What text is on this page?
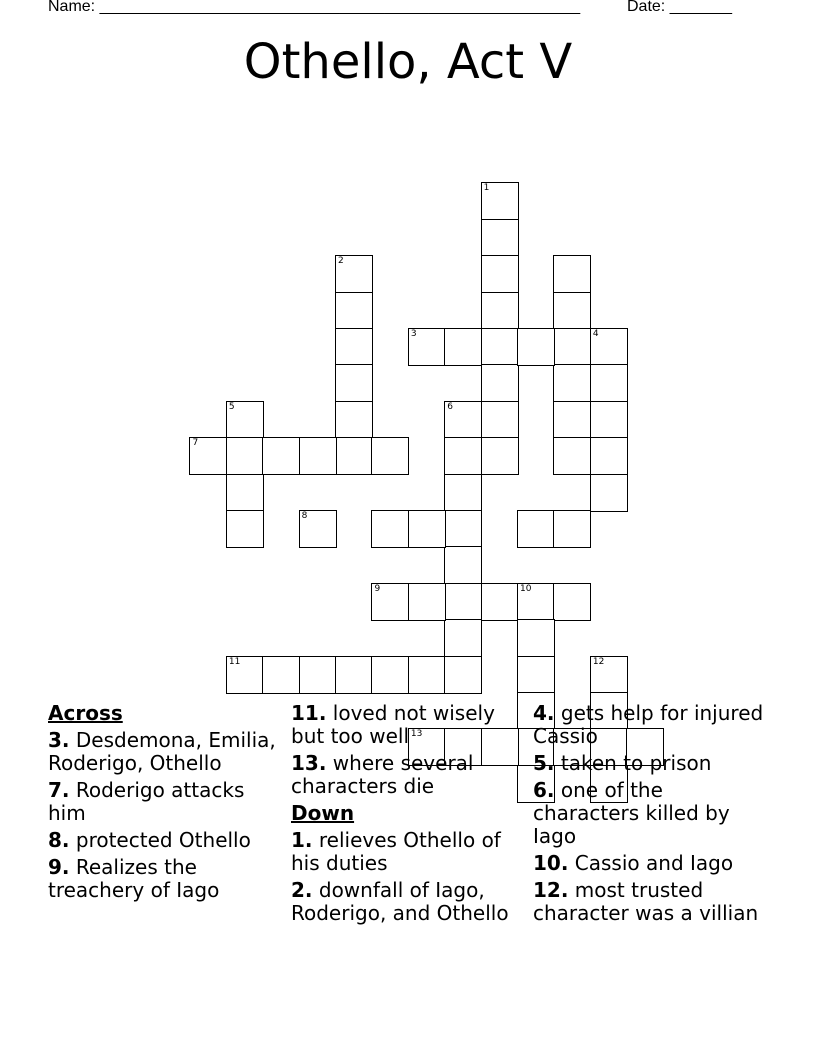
Name: ______________________________________________________	Date: _______
Othello, Act V
1
2
3	4
5	6
7
8
9	10
11	12
13
Across
3. Desdemona, Emilia, Roderigo, Othello
7. Roderigo attacks him
8. protected Othello
9. Realizes the treachery of Iago
11. loved not wisely but too well
13. where several characters die
Down
1. relieves Othello of his duties
2. downfall of Iago, Roderigo, and Othello
4. gets help for injured Cassio
5. taken to prison
6. one of the characters killed by Iago
10. Cassio and Iago
12. most trusted character was a villian
